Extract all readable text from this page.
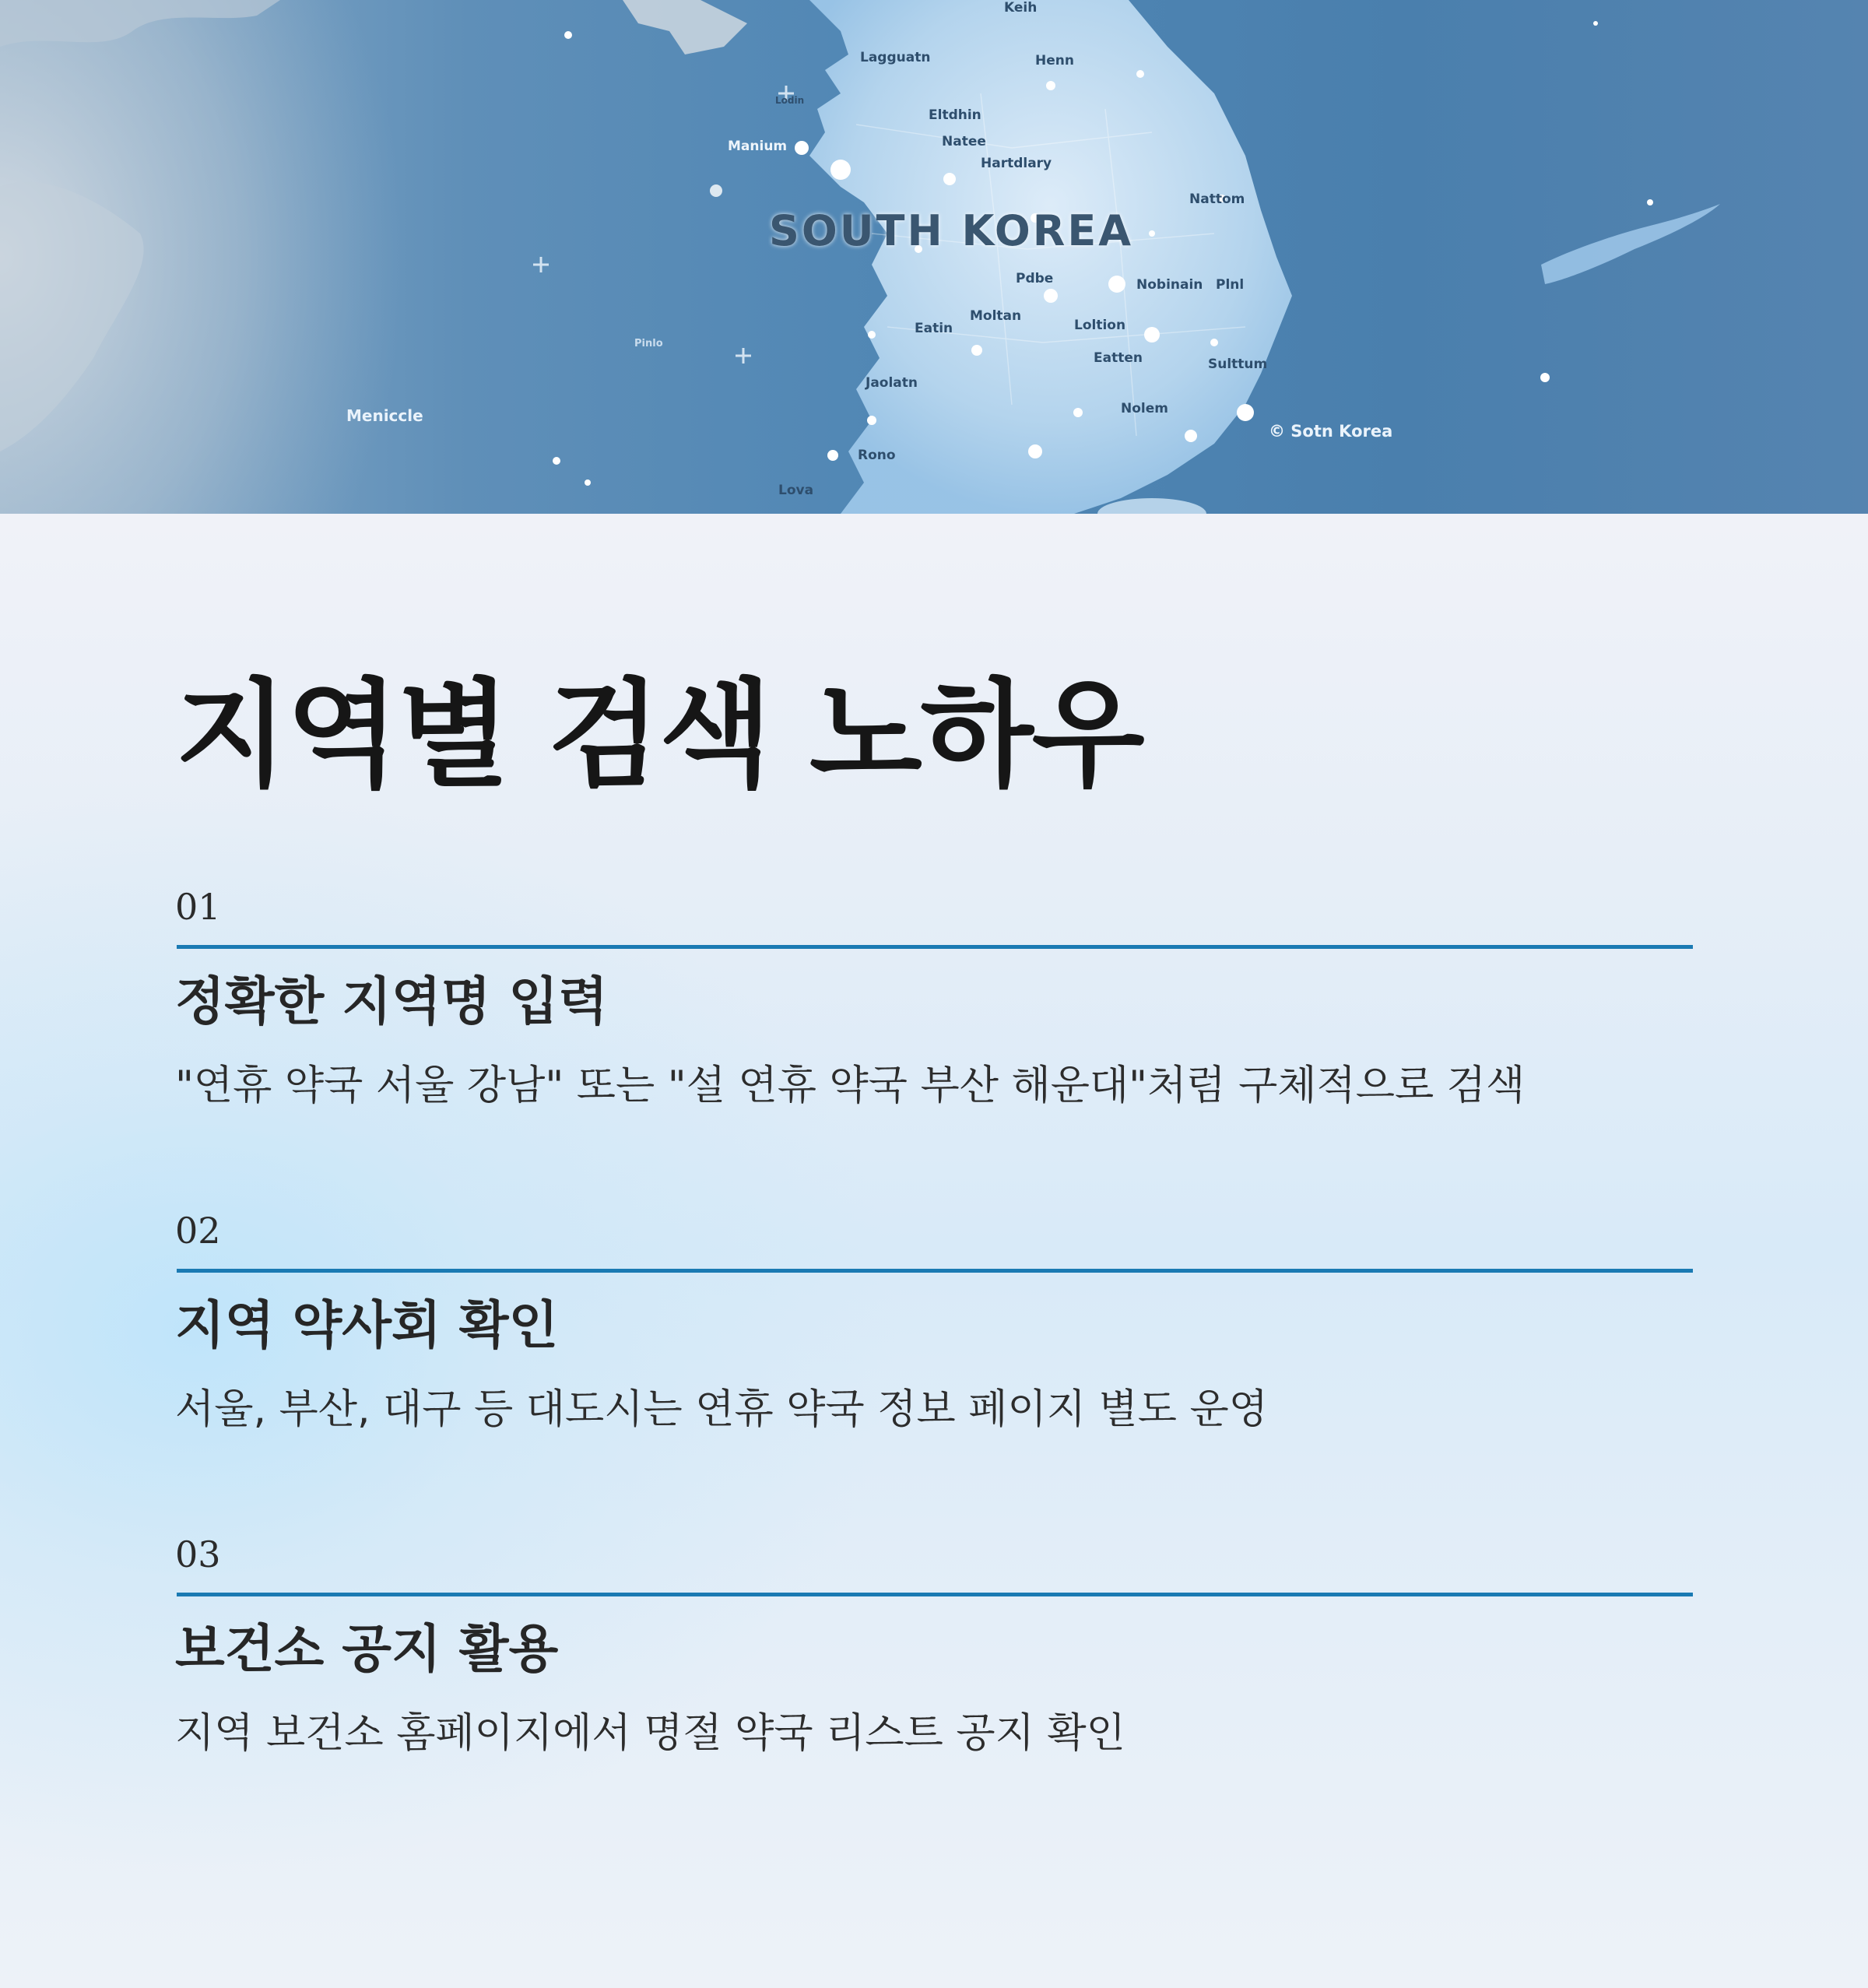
SOUTH KOREA
Meniccle
© Sotn Korea
Keih
Lagguatn	Henn
Lodin
Manium
Eltdhin
Natee
Hartdlary
Nattom
Pdbe	Nobinain Plnl
Moltan
Eatin	Loltion
Eatten	Sulttum
Jaolatn
Nolem
Pinlo
Rono
Lova
지역별 검색 노하우
01
정확한 지역명 입력
"연휴 약국 서울 강남" 또는 "설 연휴 약국 부산 해운대"처럼 구체적으로 검색
02
지역 약사회 확인
서울, 부산, 대구 등 대도시는 연휴 약국 정보 페이지 별도 운영
03
보건소 공지 활용
지역 보건소 홈페이지에서 명절 약국 리스트 공지 확인
